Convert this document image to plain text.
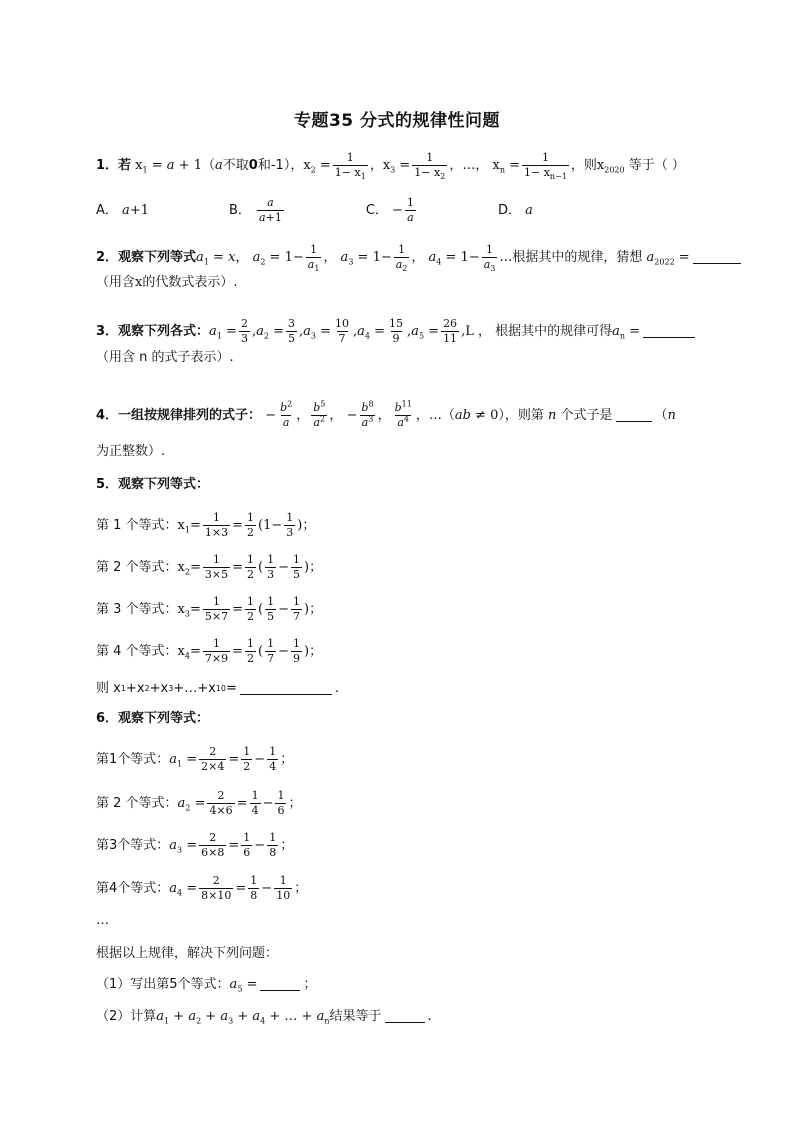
专题35 分式的规律性问题
1．若 $x_1 = a + 1$ （ a 不取 0 和 -1 ）， $x_2 = \frac{1}{1- x_1}$ ， $x_3 = \frac{1}{1- x_2}$ ， … ， $x_n = \frac{1}{1- x_{n-1}}$ ，则 $x_{2020}$ 等于（ ）
A． a+1	B．
$\frac{a}{a+1}$	C．
− $\frac{1}{a}$	D． a
2．观察下列等式 $a_1 = x$， $a_2 = 1- \frac{1}{a_1}$ ， $a_3 = 1- \frac{1}{a_2}$ ， $a_4 = 1- \frac{1}{a_3}$ …根据其中的规律，猜想 $a_{2022}$ =
（用含 x 的代数式表示）.
3．观察下列各式： $a_1 = \frac{2}{3} ,a_2 = \frac{3}{5} ,a_3 = \frac{10}{7} ,a_4 = \frac{15}{9} ,a_5 = \frac{26}{11} ,L$ ， 根据其中的规律可得 $a_n$ =
（用含 n 的式子表示）.
4．一组按规律排列的式子： − $\frac{b^2}{a}$ ， $\frac{b^5}{a^2}$ ， − $\frac{b^8}{a^3}$ ， $\frac{b^{11}}{a^4}$ ， …（ ab ≠ 0 ），则第 n 个式子是	（ n
为正整数）.
5．观察下列等式：
第 1 个等式： $x_1= \frac{1}{1\times 3} = \frac{1}{2} (1- \frac{1}{3}$ )；
第 2 个等式： $x_2= \frac{1}{3\times 5} = \frac{1}{2}$ ( $\frac{1}{3} - \frac{1}{5}$ )；
第 3 个等式： $x_3= \frac{1}{5\times 7} = \frac{1}{2}$ ( $\frac{1}{5} - \frac{1}{7}$ )；
第 4 个等式： $x_4= \frac{1}{7\times 9} = \frac{1}{2}$ ( $\frac{1}{7} - \frac{1}{9}$ )；
则 x 1 +x 2 +x 3 +…+x 10 =	.
6．观察下列等式：
第1个等式： $a_1 = \frac{2}{2\times 4} = \frac{1}{2} - \frac{1}{4}$ ；
第 2 个等式： $a_2 = \frac{2}{4\times 6} = \frac{1}{4} - \frac{1}{6}$ ；
第3个等式： $a_3 = \frac{2}{6\times 8} = \frac{1}{6} - \frac{1}{8}$ ；
第4个等式： $a_4 = \frac{2}{8\times 10} = \frac{1}{8} - \frac{1}{10}$ ；
…
根据以上规律，解决下列问题：
（1）写出第5个等式： $a_5$ =	；
（2）计算 $a_1 + a_2 + a_3 + a_4$ + … + $a_n$ 结果等于	.
